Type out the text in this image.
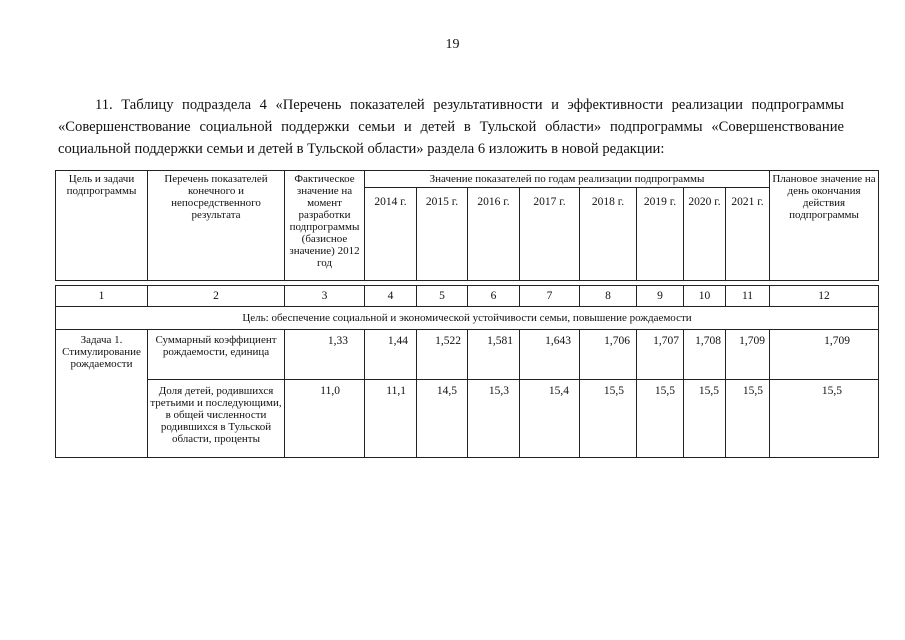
19
11. Таблицу подраздела 4 «Перечень показателей результативности и эффективности реализации подпрограммы
«Совершенствование социальной поддержки семьи и детей в Тульской области» подпрограммы «Совершенствование
социальной поддержки семьи и детей в Тульской области» раздела 6 изложить в новой редакции:
Цель и задачи подпрограммы	Перечень показателей конечного и непосредственного результата	Фактическое значение на момент разработки подпрограммы (базисное значение) 2012 год	Значение показателей по годам реализации подпрограммы								Плановое значение на день окончания действия подпрограммы
			2014 г.	2015 г.	2016 г.	2017 г.	2018 г.	2019 г.	2020 г.	2021 г.	

1	2	3	4	5	6	7	8	9	10	11	12
Цель: обеспечение социальной и экономической устойчивости семьи, повышение рождаемости											
Задача 1. Стимулирование рождаемости	Суммарный коэффициент рождаемости, единица	1,33	1,44	1,522	1,581	1,643	1,706	1,707	1,708	1,709	1,709
	Доля детей, родившихся третьими и последующими, в общей численности родившихся в Тульской области, проценты	11,0	11,1	14,5	15,3	15,4	15,5	15,5	15,5	15,5	15,5
